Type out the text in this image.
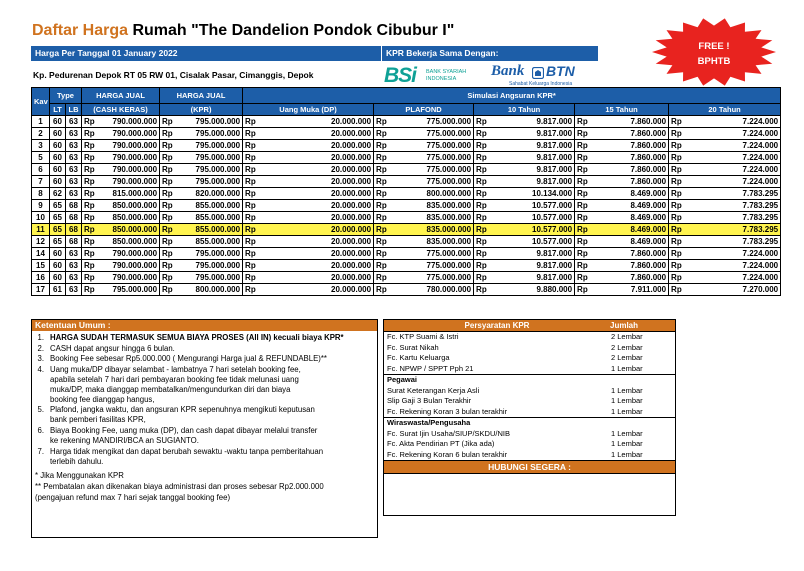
Daftar Harga Rumah "The Dandelion Pondok Cibubur I"
Harga Per Tanggal 01 January 2022	KPR Bekerja Sama Dengan:
Kp. Pedurenan Depok RT 05 RW 01, Cisalak Pasar, Cimanggis, Depok	BSi BANK SYARIAH INDONESIA	Bank BTN
Sahabat Keluarga Indonesia
FREE !
BPHTB
Kav	Type		HARGA JUAL		HARGA JUAL		Simulasi Angsuran KPR*									
	LT	LB	(CASH KERAS)		(KPR)		Uang Muka (DP)		PLAFOND		10 Tahun		15 Tahun		20 Tahun	
1	60	63	Rp	790.000.000	Rp	795.000.000	Rp	20.000.000	Rp	775.000.000	Rp	9.817.000	Rp	7.860.000	Rp	7.224.000
2	60	63	Rp	790.000.000	Rp	795.000.000	Rp	20.000.000	Rp	775.000.000	Rp	9.817.000	Rp	7.860.000	Rp	7.224.000
3	60	63	Rp	790.000.000	Rp	795.000.000	Rp	20.000.000	Rp	775.000.000	Rp	9.817.000	Rp	7.860.000	Rp	7.224.000
5	60	63	Rp	790.000.000	Rp	795.000.000	Rp	20.000.000	Rp	775.000.000	Rp	9.817.000	Rp	7.860.000	Rp	7.224.000
6	60	63	Rp	790.000.000	Rp	795.000.000	Rp	20.000.000	Rp	775.000.000	Rp	9.817.000	Rp	7.860.000	Rp	7.224.000
7	60	63	Rp	790.000.000	Rp	795.000.000	Rp	20.000.000	Rp	775.000.000	Rp	9.817.000	Rp	7.860.000	Rp	7.224.000
8	62	63	Rp	815.000.000	Rp	820.000.000	Rp	20.000.000	Rp	800.000.000	Rp	10.134.000	Rp	8.469.000	Rp	7.783.295
9	65	68	Rp	850.000.000	Rp	855.000.000	Rp	20.000.000	Rp	835.000.000	Rp	10.577.000	Rp	8.469.000	Rp	7.783.295
10	65	68	Rp	850.000.000	Rp	855.000.000	Rp	20.000.000	Rp	835.000.000	Rp	10.577.000	Rp	8.469.000	Rp	7.783.295
11	65	68	Rp	850.000.000	Rp	855.000.000	Rp	20.000.000	Rp	835.000.000	Rp	10.577.000	Rp	8.469.000	Rp	7.783.295
12	65	68	Rp	850.000.000	Rp	855.000.000	Rp	20.000.000	Rp	835.000.000	Rp	10.577.000	Rp	8.469.000	Rp	7.783.295
14	60	63	Rp	790.000.000	Rp	795.000.000	Rp	20.000.000	Rp	775.000.000	Rp	9.817.000	Rp	7.860.000	Rp	7.224.000
15	60	63	Rp	790.000.000	Rp	795.000.000	Rp	20.000.000	Rp	775.000.000	Rp	9.817.000	Rp	7.860.000	Rp	7.224.000
16	60	63	Rp	790.000.000	Rp	795.000.000	Rp	20.000.000	Rp	775.000.000	Rp	9.817.000	Rp	7.860.000	Rp	7.224.000
17	61	63	Rp	795.000.000	Rp	800.000.000	Rp	20.000.000	Rp	780.000.000	Rp	9.880.000	Rp	7.911.000	Rp	7.270.000
Ketentuan Umum :
1. HARGA SUDAH TERMASUK SEMUA BIAYA PROSES (All IN) kecuali biaya KPR*
2. CASH dapat angsur hingga 6 bulan.
3. Booking Fee sebesar Rp5.000.000 ( Mengurangi Harga jual & REFUNDABLE)**
4. Uang muka/DP dibayar selambat - lambatnya 7 hari setelah booking fee,
apabila setelah 7 hari dari pembayaran booking fee tidak melunasi uang
muka/DP, maka dianggap membatalkan/mengundurkan diri dan biaya
booking fee dianggap hangus,
5. Plafond, jangka waktu, dan angsuran KPR sepenuhnya mengikuti keputusan
bank pemberi fasilitas KPR,
6. Biaya Booking Fee, uang muka (DP), dan cash dapat dibayar melalui transfer
ke rekening MANDIRI/BCA an SUGIANTO.
7. Harga tidak mengikat dan dapat berubah sewaktu -waktu tanpa pemberitahuan
terlebih dahulu.
* Jika Menggunakan KPR
** Pembatalan akan dikenakan biaya administrasi dan proses sebesar Rp2.000.000
(pengajuan refund max 7 hari sejak tanggal booking fee)
Persyaratan KPR	Jumlah
Fc. KTP Suami & Istri	2 Lembar
Fc. Surat Nikah	2 Lembar
Fc. Kartu Keluarga	2 Lembar
Fc. NPWP / SPPT Pph 21	1 Lembar
Pegawai
Surat Keterangan Kerja Asli	1 Lembar
Slip Gaji 3 Bulan Terakhir	1 Lembar
Fc. Rekening Koran 3 bulan terakhir	1 Lembar
Wiraswasta/Pengusaha
Fc. Surat Ijin Usaha/SIUP/SKDU/NIB	1 Lembar
Fc. Akta Pendirian PT (Jika ada)	1 Lembar
Fc. Rekening Koran 6 bulan terakhir	1 Lembar
HUBUNGI SEGERA :
